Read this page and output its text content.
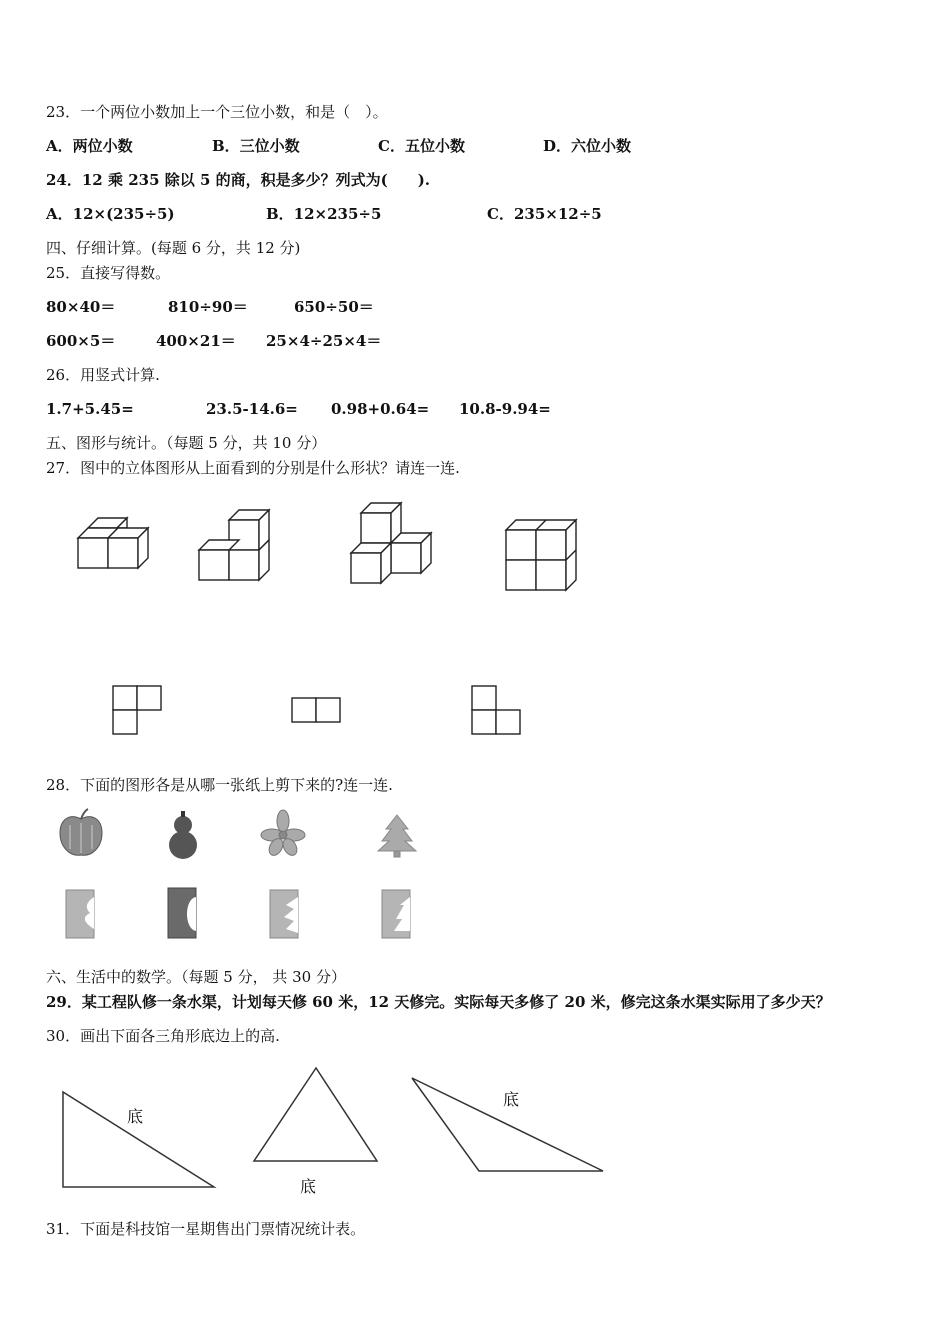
23．一个两位小数加上一个三位小数，和是（　）。
A．两位小数	B．三位小数	C．五位小数	D．六位小数
24．12 乘 235 除以 5 的商，积是多少？列式为(　　).
A．12×(235÷5)	B．12×235÷5	C．235×12÷5
四、仔细计算。(每题 6 分，共 12 分)
25．直接写得数。
80×40＝	810÷90＝	650÷50＝
600×5＝	400×21＝ 25×4÷25×4＝
26．用竖式计算.
1.7+5.45=	23.5-14.6= 0.98+0.64= 10.8-9.94=
五、图形与统计。（每题 5 分，共 10 分）
27．图中的立体图形从上面看到的分别是什么形状？请连一连.
28．下面的图形各是从哪一张纸上剪下来的?连一连.
六、生活中的数学。（每题 5 分， 共 30 分）
29．某工程队修一条水渠，计划每天修 60 米，12 天修完。实际每天多修了 20 米，修完这条水渠实际用了多少天？
30．画出下面各三角形底边上的高.
底
底
底
31．下面是科技馆一星期售出门票情况统计表。
